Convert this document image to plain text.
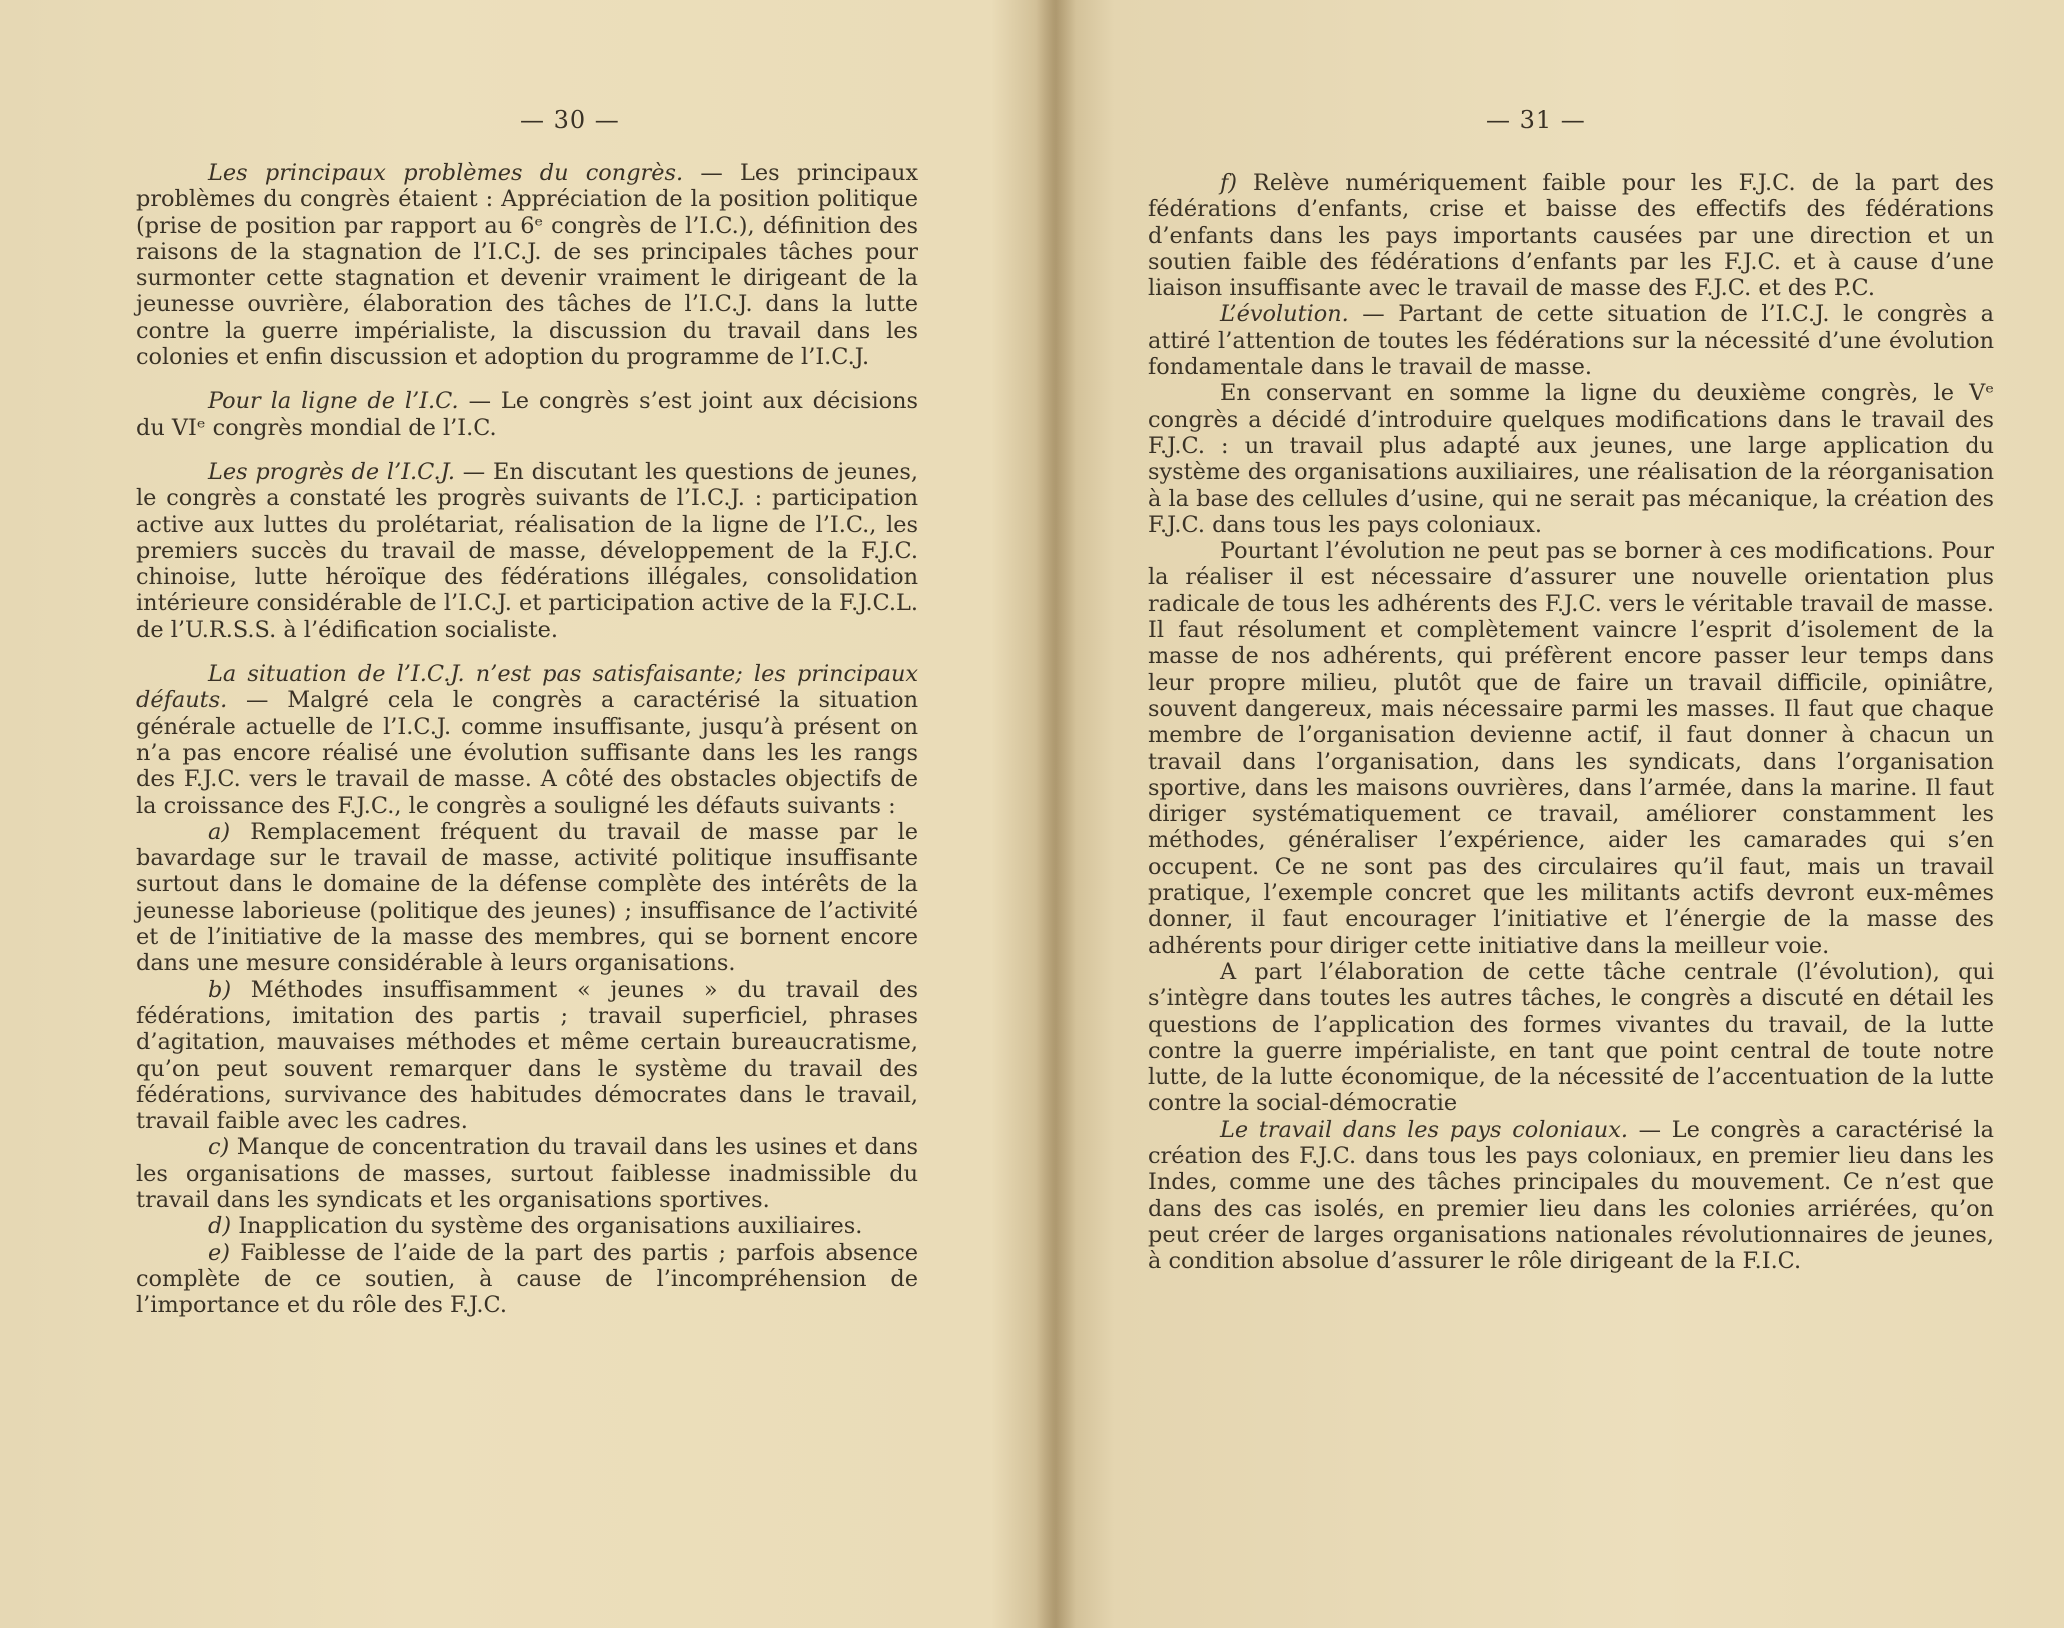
— 30 —

Les principaux problèmes du congrès. — Les principaux problèmes du congrès étaient : Appréciation de la position politique (prise de position par rapport au 6ᵉ congrès de l’I.C.), définition des raisons de la stagnation de l’I.C.J. de ses principales tâches pour surmonter cette stagnation et devenir vraiment le dirigeant de la jeunesse ouvrière, élaboration des tâches de l’I.C.J. dans la lutte contre la guerre impérialiste, la discussion du travail dans les colonies et enfin discussion et adoption du programme de l’I.C.J.

Pour la ligne de l’I.C. — Le congrès s’est joint aux décisions du VIᵉ congrès mondial de l’I.C.

Les progrès de l’I.C.J. — En discutant les questions de jeunes, le congrès a constaté les progrès suivants de l’I.C.J. : participation active aux luttes du prolétariat, réalisation de la ligne de l’I.C., les premiers succès du travail de masse, développement de la F.J.C. chinoise, lutte héroïque des fédérations illégales, consolidation intérieure considérable de l’I.C.J. et participation active de la F.J.C.L. de l’U.R.S.S. à l’édification socialiste.

La situation de l’I.C.J. n’est pas satisfaisante; les principaux défauts. — Malgré cela le congrès a caractérisé la situation générale actuelle de l’I.C.J. comme insuffisante, jusqu’à présent on n’a pas encore réalisé une évolution suffisante dans les les rangs des F.J.C. vers le travail de masse. A côté des obstacles objectifs de la croissance des F.J.C., le congrès a souligné les défauts suivants :

a) Remplacement fréquent du travail de masse par le bavardage sur le travail de masse, activité politique insuffisante surtout dans le domaine de la défense complète des intérêts de la jeunesse laborieuse (politique des jeunes) ; insuffisance de l’activité et de l’initiative de la masse des membres, qui se bornent encore dans une mesure considérable à leurs organisations.

b) Méthodes insuffisamment « jeunes » du travail des fédérations, imitation des partis ; travail superficiel, phrases d’agitation, mauvaises méthodes et même certain bureaucratisme, qu’on peut souvent remarquer dans le système du travail des fédérations, survivance des habitudes démocrates dans le travail, travail faible avec les cadres.

c) Manque de concentration du travail dans les usines et dans les organisations de masses, surtout faiblesse inadmissible du travail dans les syndicats et les organisations sportives.

d) Inapplication du système des organisations auxiliaires.

e) Faiblesse de l’aide de la part des partis ; parfois absence complète de ce soutien, à cause de l’incompréhension de l’importance et du rôle des F.J.C.

— 31 —

f) Relève numériquement faible pour les F.J.C. de la part des fédérations d’enfants, crise et baisse des effectifs des fédérations d’enfants dans les pays importants causées par une direction et un soutien faible des fédérations d’enfants par les F.J.C. et à cause d’une liaison insuffisante avec le travail de masse des F.J.C. et des P.C.

L’évolution. — Partant de cette situation de l’I.C.J. le congrès a attiré l’attention de toutes les fédérations sur la nécessité d’une évolution fondamentale dans le travail de masse.

En conservant en somme la ligne du deuxième congrès, le Vᵉ congrès a décidé d’introduire quelques modifications dans le travail des F.J.C. : un travail plus adapté aux jeunes, une large application du système des organisations auxiliaires, une réalisation de la réorganisation à la base des cellules d’usine, qui ne serait pas mécanique, la création des F.J.C. dans tous les pays coloniaux.

Pourtant l’évolution ne peut pas se borner à ces modifications. Pour la réaliser il est nécessaire d’assurer une nouvelle orientation plus radicale de tous les adhérents des F.J.C. vers le véritable travail de masse. Il faut résolument et complètement vaincre l’esprit d’isolement de la masse de nos adhérents, qui préfèrent encore passer leur temps dans leur propre milieu, plutôt que de faire un travail difficile, opiniâtre, souvent dangereux, mais nécessaire parmi les masses. Il faut que chaque membre de l’organisation devienne actif, il faut donner à chacun un travail dans l’organisation, dans les syndicats, dans l’organisation sportive, dans les maisons ouvrières, dans l’armée, dans la marine. Il faut diriger systématiquement ce travail, améliorer constamment les méthodes, généraliser l’expérience, aider les camarades qui s’en occupent. Ce ne sont pas des circulaires qu’il faut, mais un travail pratique, l’exemple concret que les militants actifs devront eux-mêmes donner, il faut encourager l’initiative et l’énergie de la masse des adhérents pour diriger cette initiative dans la meilleur voie.

A part l’élaboration de cette tâche centrale (l’évolution), qui s’intègre dans toutes les autres tâches, le congrès a discuté en détail les questions de l’application des formes vivantes du travail, de la lutte contre la guerre impérialiste, en tant que point central de toute notre lutte, de la lutte économique, de la nécessité de l’accentuation de la lutte contre la social-démocratie

Le travail dans les pays coloniaux. — Le congrès a caractérisé la création des F.J.C. dans tous les pays coloniaux, en premier lieu dans les Indes, comme une des tâches principales du mouvement. Ce n’est que dans des cas isolés, en premier lieu dans les colonies arriérées, qu’on peut créer de larges organisations nationales révolutionnaires de jeunes, à condition absolue d’assurer le rôle dirigeant de la F.I.C.
